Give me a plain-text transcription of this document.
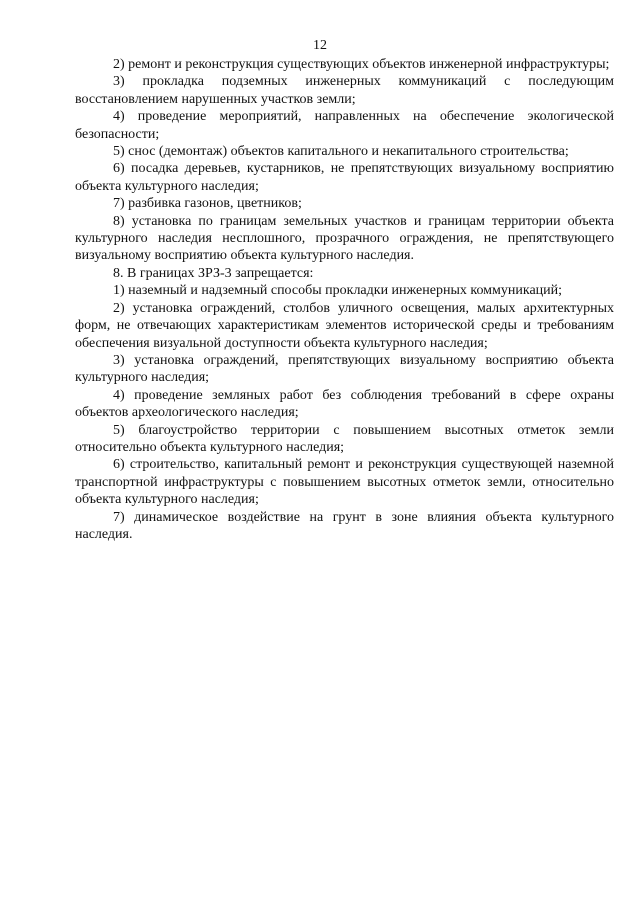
12

2) ремонт и реконструкция существующих объектов инженерной инфраструктуры;

3) прокладка подземных инженерных коммуникаций с последующим восстановлением нарушенных участков земли;

4) проведение мероприятий, направленных на обеспечение экологической безопасности;

5) снос (демонтаж) объектов капитального и некапитального строительства;

6) посадка деревьев, кустарников, не препятствующих визуальному восприятию объекта культурного наследия;

7) разбивка газонов, цветников;

8) установка по границам земельных участков и границам территории объекта культурного наследия несплошного, прозрачного ограждения, не препятствующего визуальному восприятию объекта культурного наследия.

8. В границах ЗРЗ-3 запрещается:

1) наземный и надземный способы прокладки инженерных коммуникаций;

2) установка ограждений, столбов уличного освещения, малых архитектурных форм, не отвечающих характеристикам элементов исторической среды и требованиям обеспечения визуальной доступности объекта культурного наследия;

3) установка ограждений, препятствующих визуальному восприятию объекта культурного наследия;

4) проведение земляных работ без соблюдения требований в сфере охраны объектов археологического наследия;

5) благоустройство территории с повышением высотных отметок земли относительно объекта культурного наследия;

6) строительство, капитальный ремонт и реконструкция существующей наземной транспортной инфраструктуры с повышением высотных отметок земли, относительно объекта культурного наследия;

7) динамическое воздействие на грунт в зоне влияния объекта культурного наследия.
